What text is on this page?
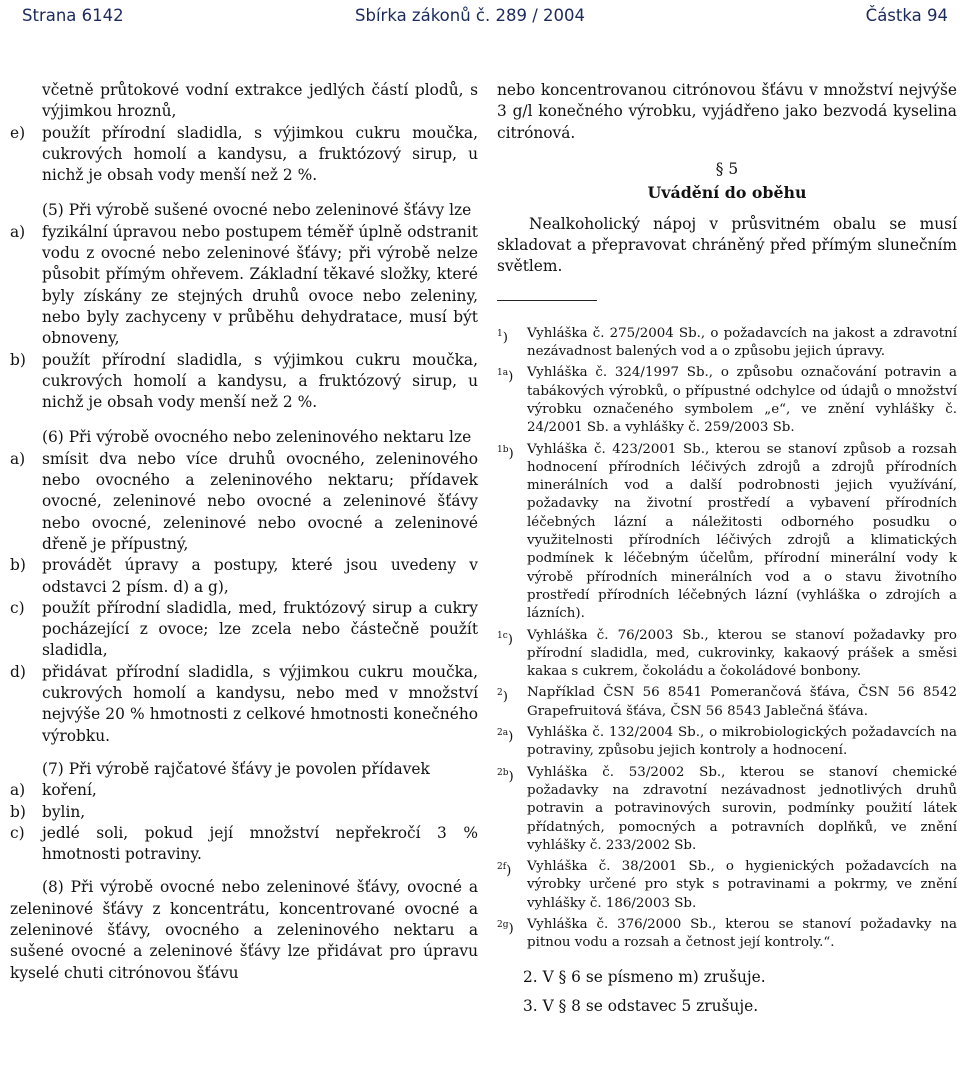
Strana 6142	Sbírka zákonů č. 289 / 2004	Částka 94

včetně průtokové vodní extrakce jedlých částí plodů, s výjimkou hroznů,

e) použít přírodní sladidla, s výjimkou cukru moučka, cukrových homolí a kandysu, a fruktózový sirup, u nichž je obsah vody menší než 2 %.

(5) Při výrobě sušené ovocné nebo zeleninové šťávy lze

a) fyzikální úpravou nebo postupem téměř úplně odstranit vodu z ovocné nebo zeleninové šťávy; při výrobě nelze působit přímým ohřevem. Základní těkavé složky, které byly získány ze stejných druhů ovoce nebo zeleniny, nebo byly zachyceny v průběhu dehydratace, musí být obnoveny,

b) použít přírodní sladidla, s výjimkou cukru moučka, cukrových homolí a kandysu, a fruktózový sirup, u nichž je obsah vody menší než 2 %.

(6) Při výrobě ovocného nebo zeleninového nektaru lze

a) smísit dva nebo více druhů ovocného, zeleninového nebo ovocného a zeleninového nektaru; přídavek ovocné, zeleninové nebo ovocné a zeleninové šťávy nebo ovocné, zeleninové nebo ovocné a zeleninové dřeně je přípustný,

b) provádět úpravy a postupy, které jsou uvedeny v odstavci 2 písm. d) a g),

c) použít přírodní sladidla, med, fruktózový sirup a cukry pocházející z ovoce; lze zcela nebo částečně použít sladidla,

d) přidávat přírodní sladidla, s výjimkou cukru moučka, cukrových homolí a kandysu, nebo med v množství nejvýše 20 % hmotnosti z celkové hmotnosti konečného výrobku.

(7) Při výrobě rajčatové šťávy je povolen přídavek

a) koření,

b) bylin,

c) jedlé soli, pokud její množství nepřekročí 3 % hmotnosti potraviny.

(8) Při výrobě ovocné nebo zeleninové šťávy, ovocné a zeleninové šťávy z koncentrátu, koncentrované ovocné a zeleninové šťávy, ovocného a zeleninového nektaru a sušené ovocné a zeleninové šťávy lze přidávat pro úpravu kyselé chuti citrónovou šťávu

nebo koncentrovanou citrónovou šťávu v množství nejvýše 3 g/l konečného výrobku, vyjádřeno jako bezvodá kyselina citrónová.

§ 5
Uvádění do oběhu

Nealkoholický nápoj v průsvitném obalu se musí skladovat a přepravovat chráněný před přímým slunečním světlem.

$^1$) Vyhláška č. 275/2004 Sb., o požadavcích na jakost a zdravotní nezávadnost balených vod a o způsobu jejich úpravy.
$^{1a}$) Vyhláška č. 324/1997 Sb., o způsobu označování potravin a tabákových výrobků, o přípustné odchylce od údajů o množství výrobku označeného symbolem „e“, ve znění vyhlášky č. 24/2001 Sb. a vyhlášky č. 259/2003 Sb.
$^{1b}$) Vyhláška č. 423/2001 Sb., kterou se stanoví způsob a rozsah hodnocení přírodních léčivých zdrojů a zdrojů přírodních minerálních vod a další podrobnosti jejich využívání, požadavky na životní prostředí a vybavení přírodních léčebných lázní a náležitosti odborného posudku o využitelnosti přírodních léčivých zdrojů a klimatických podmínek k léčebným účelům, přírodní minerální vody k výrobě přírodních minerálních vod a o stavu životního prostředí přírodních léčebných lázní (vyhláška o zdrojích a lázních).
$^{1c}$) Vyhláška č. 76/2003 Sb., kterou se stanoví požadavky pro přírodní sladidla, med, cukrovinky, kakaový prášek a směsi kakaa s cukrem, čokoládu a čokoládové bonbony.
$^2$) Například ČSN 56 8541 Pomerančová šťáva, ČSN 56 8542 Grapefruitová šťáva, ČSN 56 8543 Jablečná šťáva.
$^{2a}$) Vyhláška č. 132/2004 Sb., o mikrobiologických požadavcích na potraviny, způsobu jejich kontroly a hodnocení.
$^{2b}$) Vyhláška č. 53/2002 Sb., kterou se stanoví chemické požadavky na zdravotní nezávadnost jednotlivých druhů potravin a potravinových surovin, podmínky použití látek přídatných, pomocných a potravních doplňků, ve znění vyhlášky č. 233/2002 Sb.
$^{2f}$) Vyhláška č. 38/2001 Sb., o hygienických požadavcích na výrobky určené pro styk s potravinami a pokrmy, ve znění vyhlášky č. 186/2003 Sb.
$^{2g}$) Vyhláška č. 376/2000 Sb., kterou se stanoví požadavky na pitnou vodu a rozsah a četnost její kontroly.“.

2. V § 6 se písmeno m) zrušuje.

3. V § 8 se odstavec 5 zrušuje.
